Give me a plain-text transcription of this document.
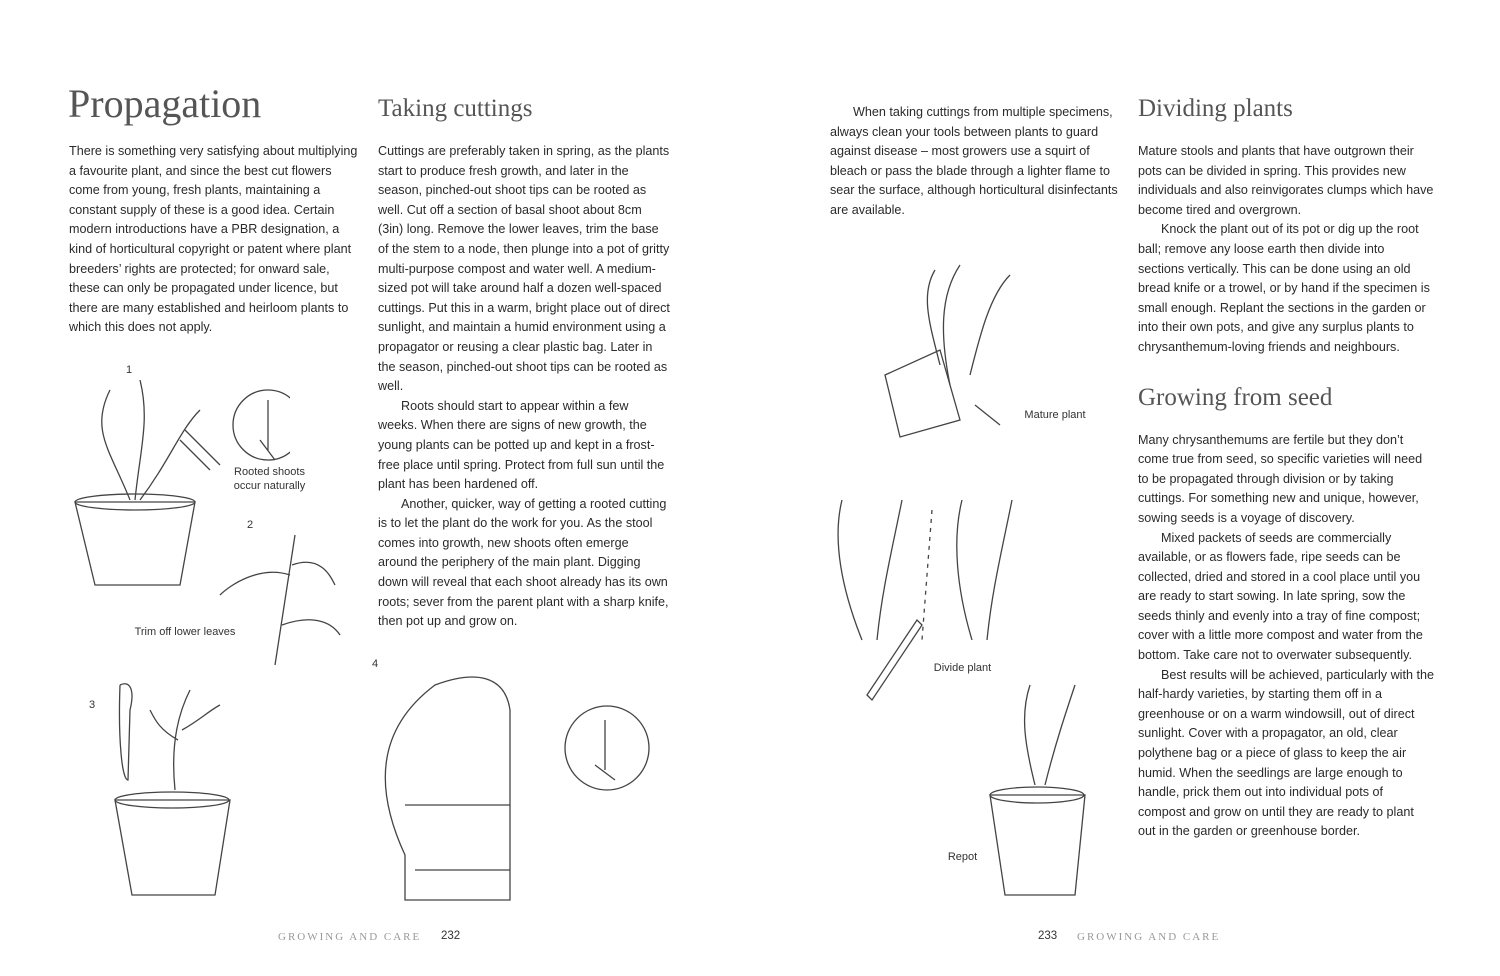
Propagation

There is something very satisfying about multiplying a favourite plant, and since the best cut flowers come from young, fresh plants, maintaining a constant supply of these is a good idea. Certain modern introductions have a PBR designation, a kind of horticultural copyright or patent where plant breeders’ rights are protected; for onward sale, these can only be propagated under licence, but there are many established and heirloom plants to which this does not apply.

Taking cuttings

Cuttings are preferably taken in spring, as the plants start to produce fresh growth, and later in the season, pinched-out shoot tips can be rooted as well. Cut off a section of basal shoot about 8cm (3in) long. Remove the lower leaves, trim the base of the stem to a node, then plunge into a pot of gritty multi-purpose compost and water well. A medium-sized pot will take around half a dozen well-spaced cuttings. Put this in a warm, bright place out of direct sunlight, and maintain a humid environment using a propagator or reusing a clear plastic bag. Later in the season, pinched-out shoot tips can be rooted as well.

Roots should start to appear within a few weeks. When there are signs of new growth, the young plants can be potted up and kept in a frost-free place until spring. Protect from full sun until the plant has been hardened off.

Another, quicker, way of getting a rooted cutting is to let the plant do the work for you. As the stool comes into growth, new shoots often emerge around the periphery of the main plant. Digging down will reveal that each shoot already has its own roots; sever from the parent plant with a sharp knife, then pot up and grow on.

1
Rooted shoots occur naturally
2
Trim off lower leaves
3
4
GROWING AND CARE 232

When taking cuttings from multiple specimens, always clean your tools between plants to guard against disease – most growers use a squirt of bleach or pass the blade through a lighter flame to sear the surface, although horticultural disinfectants are available.

Mature plant
Divide plant
Repot
Dividing plants

Mature stools and plants that have outgrown their pots can be divided in spring. This provides new individuals and also reinvigorates clumps which have become tired and overgrown.

Knock the plant out of its pot or dig up the root ball; remove any loose earth then divide into sections vertically. This can be done using an old bread knife or a trowel, or by hand if the specimen is small enough. Replant the sections in the garden or into their own pots, and give any surplus plants to chrysanthemum-loving friends and neighbours.

Growing from seed

Many chrysanthemums are fertile but they don’t come true from seed, so specific varieties will need to be propagated through division or by taking cuttings. For something new and unique, however, sowing seeds is a voyage of discovery.

Mixed packets of seeds are commercially available, or as flowers fade, ripe seeds can be collected, dried and stored in a cool place until you are ready to start sowing. In late spring, sow the seeds thinly and evenly into a tray of fine compost; cover with a little more compost and water from the bottom. Take care not to overwater subsequently.

Best results will be achieved, particularly with the half-hardy varieties, by starting them off in a greenhouse or on a warm windowsill, out of direct sunlight. Cover with a propagator, an old, clear polythene bag or a piece of glass to keep the air humid. When the seedlings are large enough to handle, prick them out into individual pots of compost and grow on until they are ready to plant out in the garden or greenhouse border.

233 GROWING AND CARE
